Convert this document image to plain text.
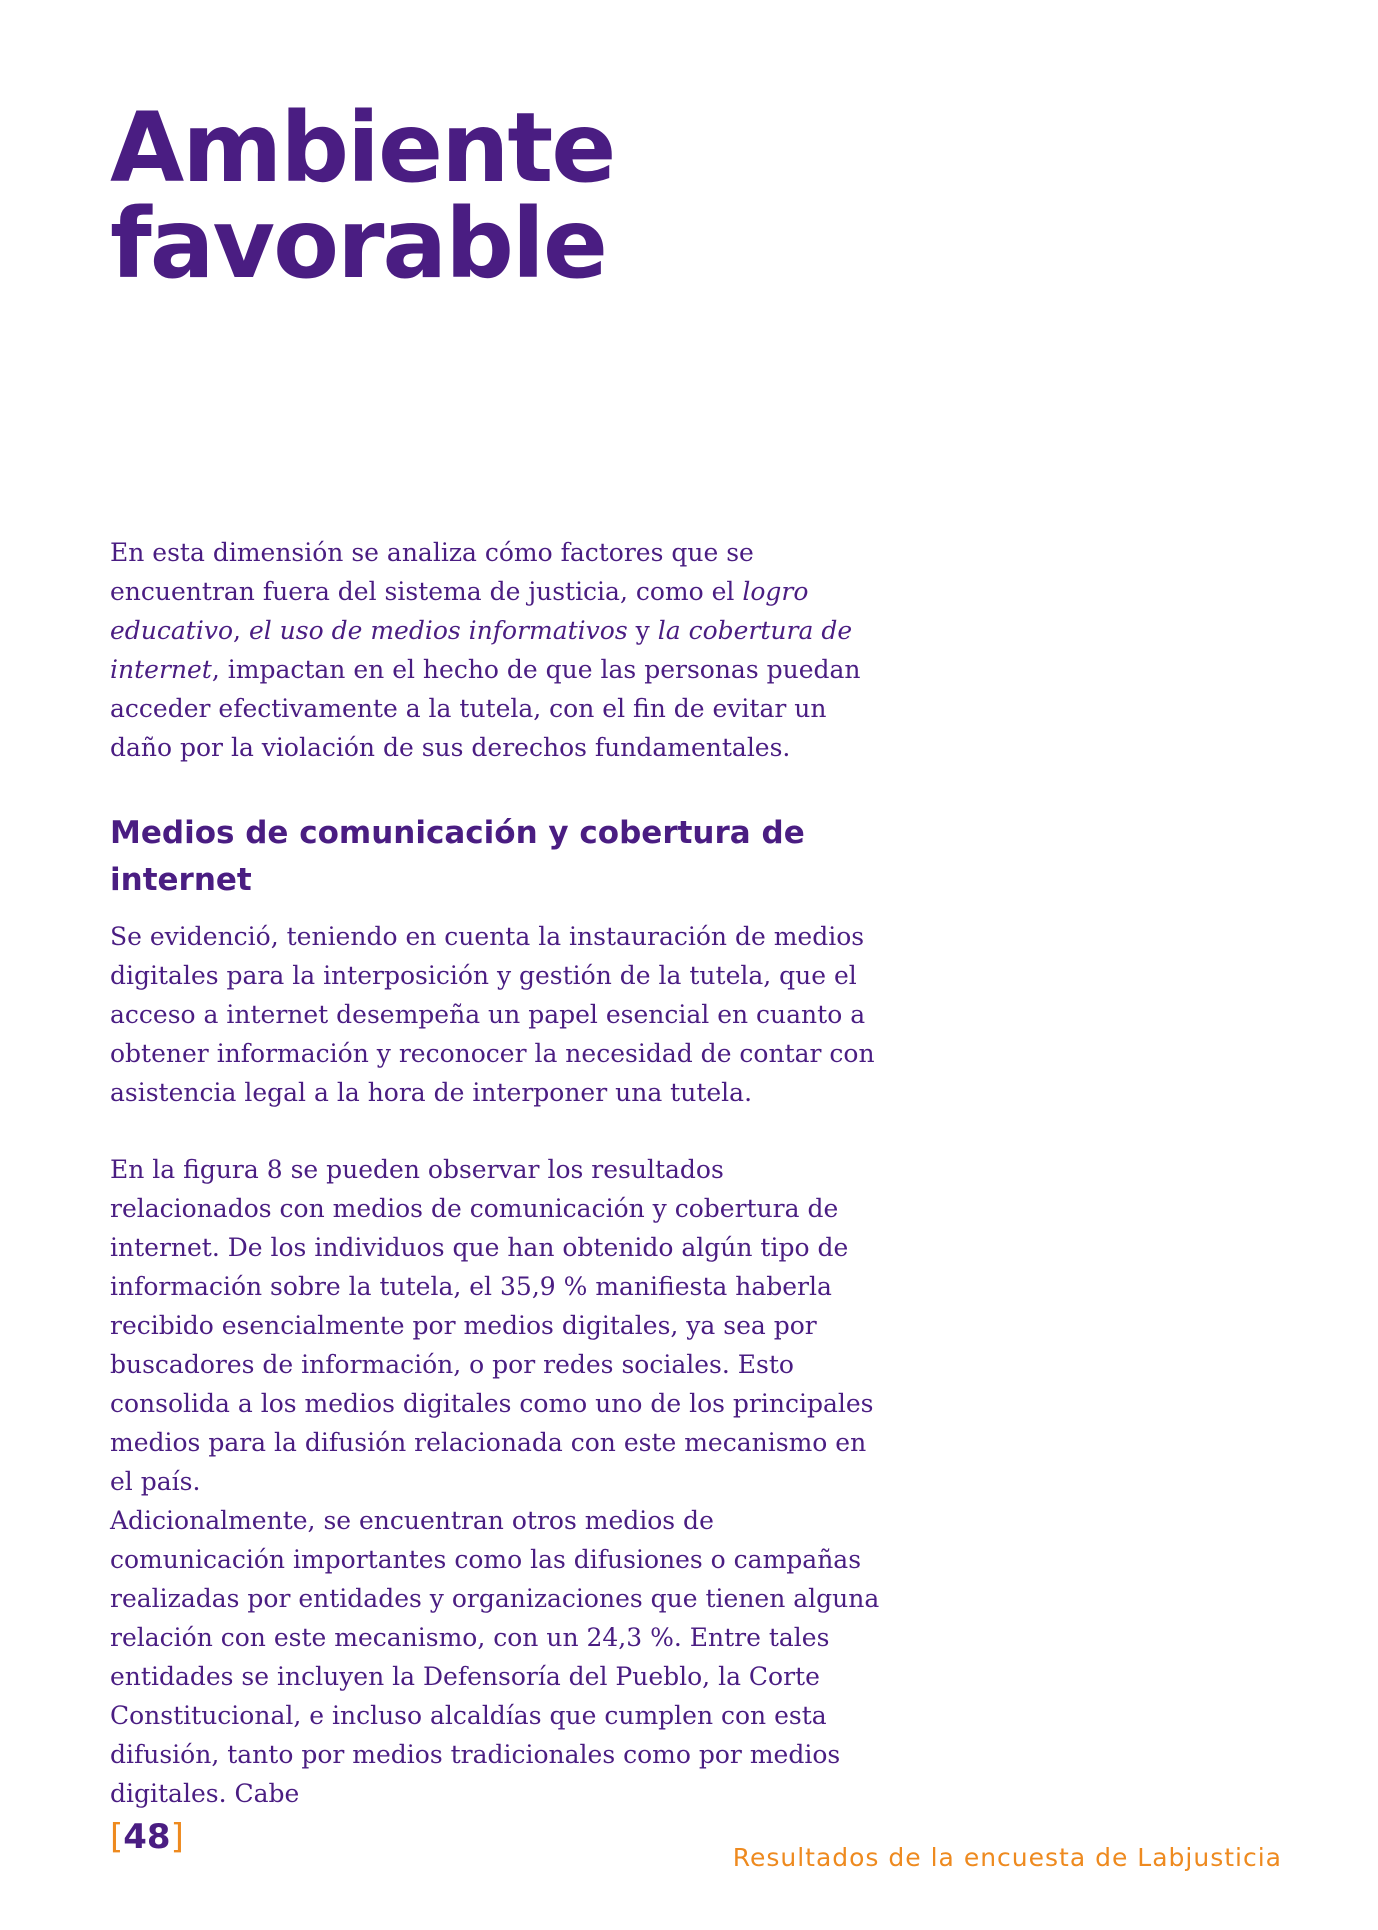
Ambiente
favorable

En esta dimensión se analiza cómo factores que se encuentran fuera del sistema de justicia, como el logro educativo, el uso de medios informativos y la cobertura de internet, impactan en el hecho de que las personas puedan acceder efectivamente a la tutela, con el fin de evitar un daño por la violación de sus derechos fundamentales.

Medios de comunicación y cobertura de internet

Se evidenció, teniendo en cuenta la instauración de medios digitales para la interposición y gestión de la tutela, que el acceso a internet desempeña un papel esencial en cuanto a obtener información y reconocer la necesidad de contar con asistencia legal a la hora de interponer una tutela.

En la figura 8 se pueden observar los resultados relacionados con medios de comunicación y cobertura de internet. De los individuos que han obtenido algún tipo de información sobre la tutela, el 35,9 % manifiesta haberla recibido esencialmente por medios digitales, ya sea por buscadores de información, o por redes sociales. Esto consolida a los medios digitales como uno de los principales medios para la difusión relacionada con este mecanismo en el país.

Adicionalmente, se encuentran otros medios de comunicación importantes como las difusiones o campañas realizadas por entidades y organizaciones que tienen alguna relación con este mecanismo, con un 24,3 %. Entre tales entidades se incluyen la Defensoría del Pueblo, la Corte Constitucional, e incluso alcaldías que cumplen con esta difusión, tanto por medios tradicionales como por medios digitales. Cabe

[48]
Resultados de la encuesta de Labjusticia
